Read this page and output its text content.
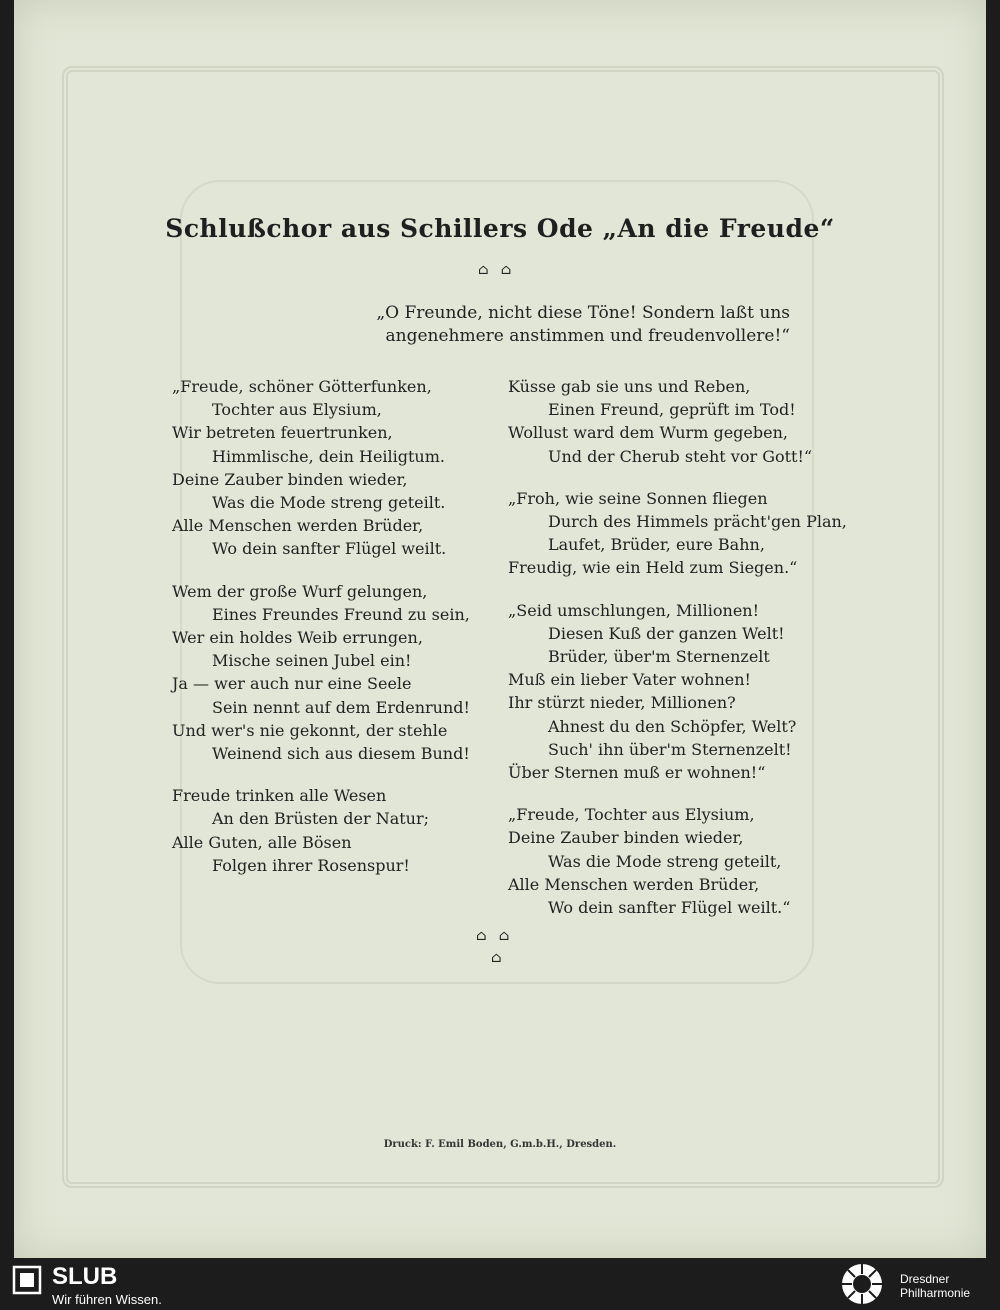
Schlußchor aus Schillers Ode „An die Freude“
⌂⌂
„O Freunde, nicht diese Töne! Sondern laßt uns
angenehmere anstimmen und freudenvollere!“
„Freude, schöner Götterfunken,
Tochter aus Elysium,
Wir betreten feuertrunken,
Himmlische, dein Heiligtum.
Deine Zauber binden wieder,
Was die Mode streng geteilt.
Alle Menschen werden Brüder,
Wo dein sanfter Flügel weilt.
Wem der große Wurf gelungen,
Eines Freundes Freund zu sein,
Wer ein holdes Weib errungen,
Mische seinen Jubel ein!
Ja — wer auch nur eine Seele
Sein nennt auf dem Erdenrund!
Und wer's nie gekonnt, der stehle
Weinend sich aus diesem Bund!
Freude trinken alle Wesen
An den Brüsten der Natur;
Alle Guten, alle Bösen
Folgen ihrer Rosenspur!
Küsse gab sie uns und Reben,
Einen Freund, geprüft im Tod!
Wollust ward dem Wurm gegeben,
Und der Cherub steht vor Gott!“
„Froh, wie seine Sonnen fliegen
Durch des Himmels prächt'gen Plan,
Laufet, Brüder, eure Bahn,
Freudig, wie ein Held zum Siegen.“
„Seid umschlungen, Millionen!
Diesen Kuß der ganzen Welt!
Brüder, über'm Sternenzelt
Muß ein lieber Vater wohnen!
Ihr stürzt nieder, Millionen?
Ahnest du den Schöpfer, Welt?
Such' ihn über'm Sternenzelt!
Über Sternen muß er wohnen!“
„Freude, Tochter aus Elysium,
Deine Zauber binden wieder,
Was die Mode streng geteilt,
Alle Menschen werden Brüder,
Wo dein sanfter Flügel weilt.“
⌂⌂
⌂
Druck: F. Emil Boden, G.m.b.H., Dresden.
SLUB
Wir führen Wissen.
Dresdner
Philharmonie
